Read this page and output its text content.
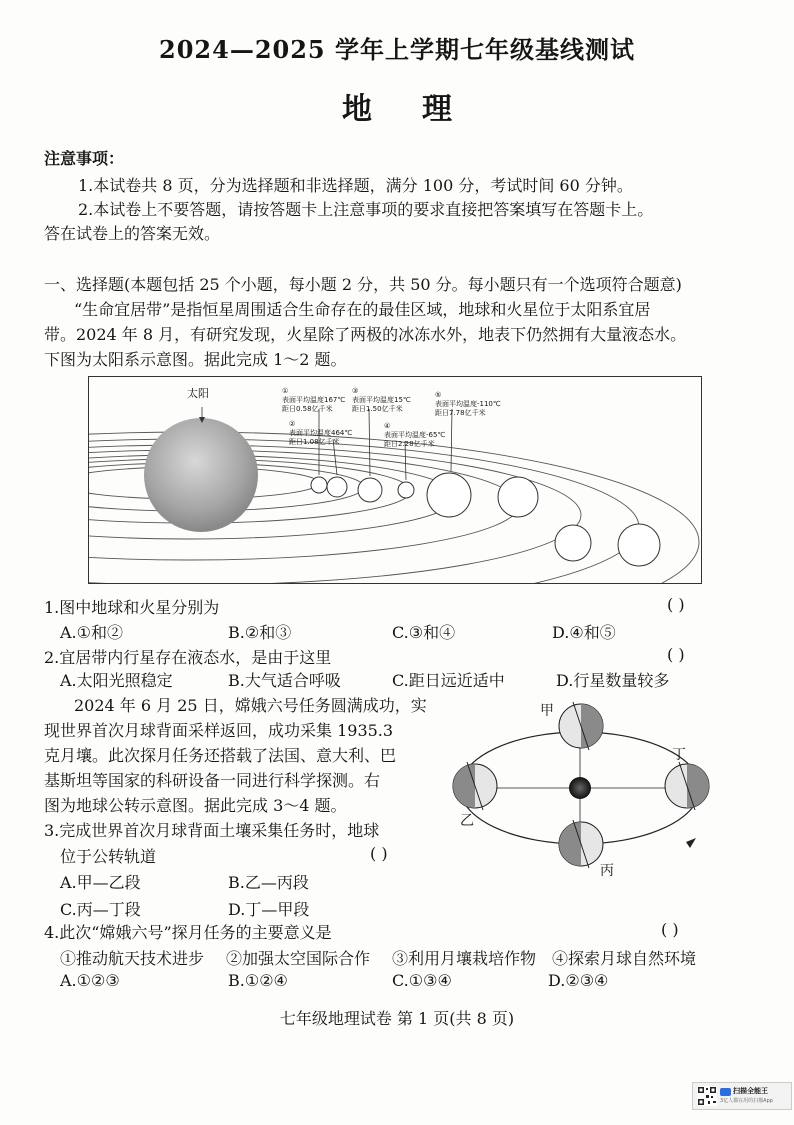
2024—2025 学年上学期七年级基线测试
地理
注意事项：
1.本试卷共 8 页，分为选择题和非选择题，满分 100 分，考试时间 60 分钟。
2.本试卷上不要答题，请按答题卡上注意事项的要求直接把答案填写在答题卡上。
答在试卷上的答案无效。
一、选择题(本题包括 25 个小题，每小题 2 分，共 50 分。每小题只有一个选项符合题意)
“生命宜居带”是指恒星周围适合生命存在的最佳区域，地球和火星位于太阳系宜居
带。2024 年 8 月，有研究发现，火星除了两极的冰冻水外，地表下仍然拥有大量液态水。
下图为太阳系示意图。据此完成 1～2 题。
太阳	①
表面平均温度167℃
距日0.58亿千米
②
表面平均温度464℃
距日1.08亿千米
③
表面平均温度15℃
距日1.50亿千米
④
表面平均温度-65℃
距日2.28亿千米
⑤
表面平均温度-110℃
距日7.78亿千米
1.图中地球和火星分别为	( )
A.①和②	B.②和③	C.③和④	D.④和⑤
2.宜居带内行星存在液态水，是由于这里	( )
A.太阳光照稳定	B.大气适合呼吸	C.距日远近适中	D.行星数量较多
2024 年 6 月 25 日，嫦娥六号任务圆满成功，实
现世界首次月球背面采样返回，成功采集 1935.3
克月壤。此次探月任务还搭载了法国、意大利、巴
基斯坦等国家的科研设备一同进行科学探测。右
图为地球公转示意图。据此完成 3～4 题。
甲
乙
丙
丁
3.完成世界首次月球背面土壤采集任务时，地球
位于公转轨道	( )
A.甲—乙段	B.乙—丙段
C.丙—丁段	D.丁—甲段
4.此次“嫦娥六号”探月任务的主要意义是	( )
①推动航天技术进步 ②加强太空国际合作 ③利用月壤栽培作物 ④探索月球自然环境
A.①②③	B.①②④	C.①③④	D.②③④
七年级地理试卷 第 1 页(共 8 页)
扫描全能王
3亿人都在用的扫描App
